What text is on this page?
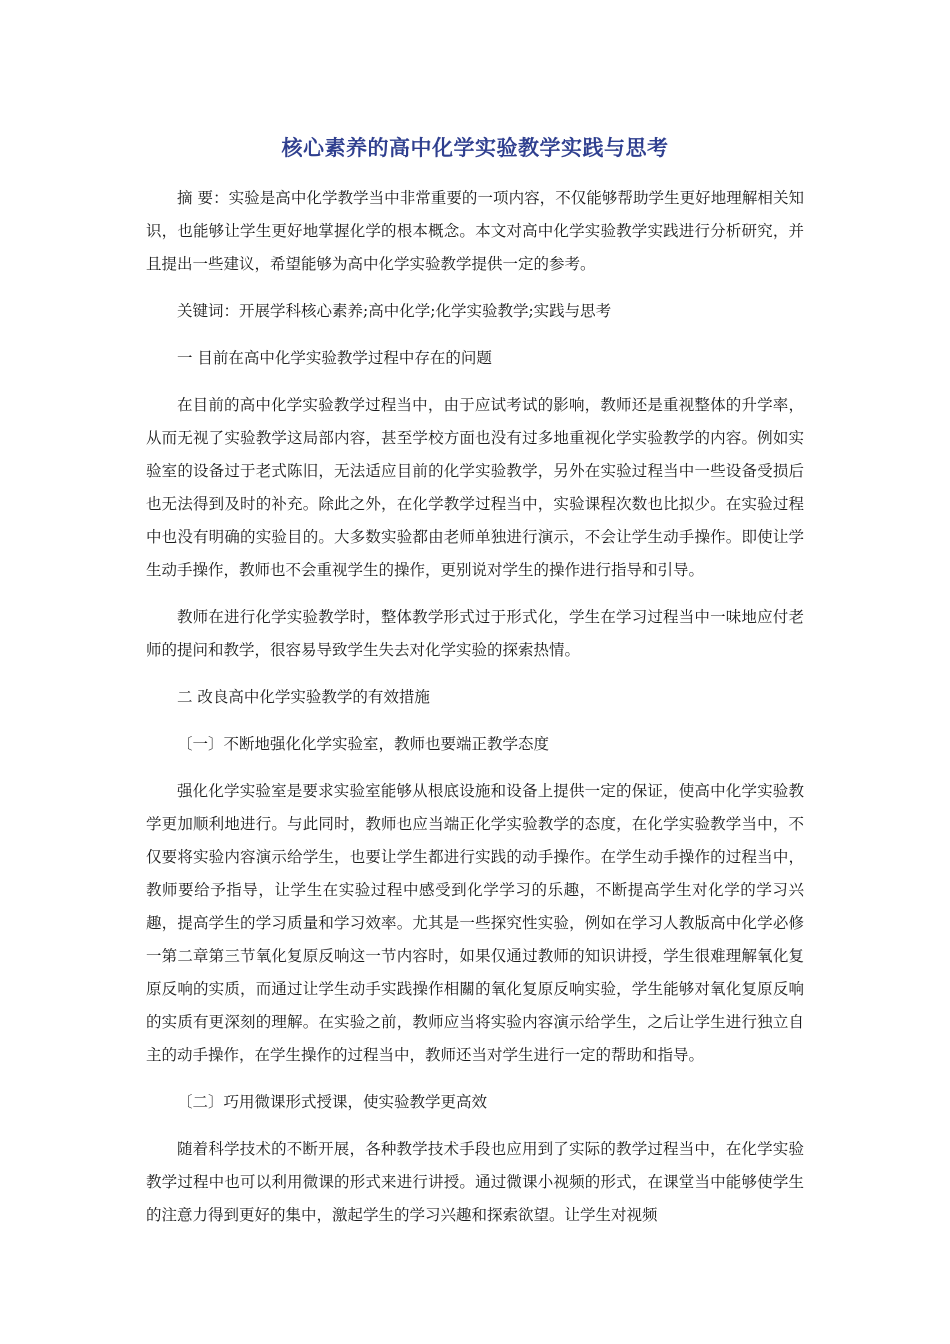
核心素养的高中化学实验教学实践与思考

摘 要：实验是高中化学教学当中非常重要的一项内容，不仅能够帮助学生更好地理解相关知识，也能够让学生更好地掌握化学的根本概念。本文对高中化学实验教学实践进行分析研究，并且提出一些建议，希望能够为高中化学实验教学提供一定的参考。

关键词：开展学科核心素养;高中化学;化学实验教学;实践与思考

一 目前在高中化学实验教学过程中存在的问题

在目前的高中化学实验教学过程当中，由于应试考试的影响，教师还是重视整体的升学率，从而无视了实验教学这局部内容，甚至学校方面也没有过多地重视化学实验教学的内容。例如实验室的设备过于老式陈旧，无法适应目前的化学实验教学，另外在实验过程当中一些设备受损后也无法得到及时的补充。除此之外，在化学教学过程当中，实验课程次数也比拟少。在实验过程中也没有明确的实验目的。大多数实验都由老师单独进行演示，不会让学生动手操作。即使让学生动手操作，教师也不会重视学生的操作，更别说对学生的操作进行指导和引导。

教师在进行化学实验教学时，整体教学形式过于形式化，学生在学习过程当中一味地应付老师的提问和教学，很容易导致学生失去对化学实验的探索热情。

二 改良高中化学实验教学的有效措施

〔一〕不断地强化化学实验室，教师也要端正教学态度

强化化学实验室是要求实验室能够从根底设施和设备上提供一定的保证，使高中化学实验教学更加顺利地进行。与此同时，教师也应当端正化学实验教学的态度，在化学实验教学当中，不仅要将实验内容演示给学生，也要让学生都进行实践的动手操作。在学生动手操作的过程当中，教师要给予指导，让学生在实验过程中感受到化学学习的乐趣，不断提高学生对化学的学习兴趣，提高学生的学习质量和学习效率。尤其是一些探究性实验，例如在学习人教版高中化学必修一第二章第三节氧化复原反响这一节内容时，如果仅通过教师的知识讲授，学生很难理解氧化复原反响的实质，而通过让学生动手实践操作相關的氧化复原反响实验，学生能够对氧化复原反响的实质有更深刻的理解。在实验之前，教师应当将实验内容演示给学生，之后让学生进行独立自主的动手操作，在学生操作的过程当中，教师还当对学生进行一定的帮助和指导。

〔二〕巧用微课形式授课，使实验教学更高效

随着科学技术的不断开展，各种教学技术手段也应用到了实际的教学过程当中，在化学实验教学过程中也可以利用微课的形式来进行讲授。通过微课小视频的形式，在课堂当中能够使学生的注意力得到更好的集中，激起学生的学习兴趣和探索欲望。让学生对视频
